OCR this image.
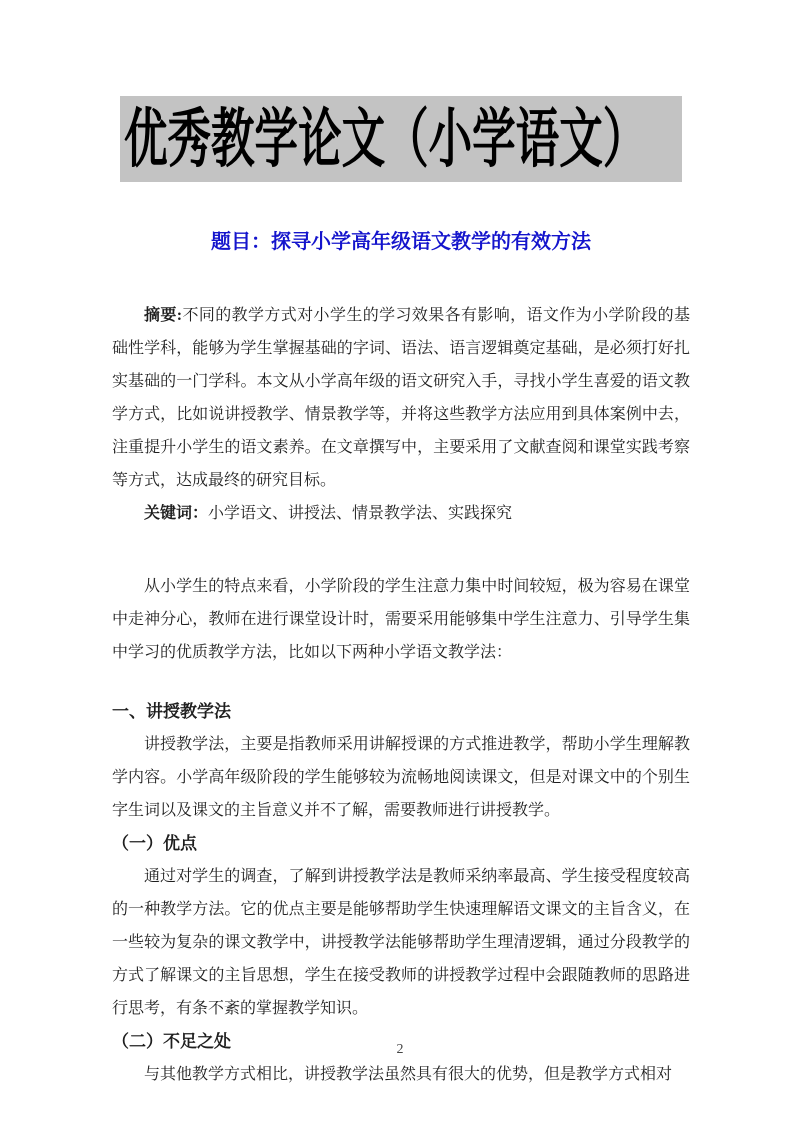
优秀教学论文（小学语文）
题目：探寻小学高年级语文教学的有效方法

摘要:不同的教学方式对小学生的学习效果各有影响，语文作为小学阶段的基础性学科，能够为学生掌握基础的字词、语法、语言逻辑奠定基础，是必须打好扎实基础的一门学科。本文从小学高年级的语文研究入手，寻找小学生喜爱的语文教学方式，比如说讲授教学、情景教学等，并将这些教学方法应用到具体案例中去，注重提升小学生的语文素养。在文章撰写中，主要采用了文献查阅和课堂实践考察等方式，达成最终的研究目标。

关键词：小学语文、讲授法、情景教学法、实践探究

从小学生的特点来看，小学阶段的学生注意力集中时间较短，极为容易在课堂中走神分心，教师在进行课堂设计时，需要采用能够集中学生注意力、引导学生集中学习的优质教学方法，比如以下两种小学语文教学法：

一、讲授教学法

讲授教学法，主要是指教师采用讲解授课的方式推进教学，帮助小学生理解教学内容。小学高年级阶段的学生能够较为流畅地阅读课文，但是对课文中的个别生字生词以及课文的主旨意义并不了解，需要教师进行讲授教学。

（一）优点

通过对学生的调查，了解到讲授教学法是教师采纳率最高、学生接受程度较高的一种教学方法。它的优点主要是能够帮助学生快速理解语文课文的主旨含义，在一些较为复杂的课文教学中，讲授教学法能够帮助学生理清逻辑，通过分段教学的方式了解课文的主旨思想，学生在接受教师的讲授教学过程中会跟随教师的思路进行思考，有条不紊的掌握教学知识。

（二）不足之处

与其他教学方式相比，讲授教学法虽然具有很大的优势，但是教学方式相对

2
